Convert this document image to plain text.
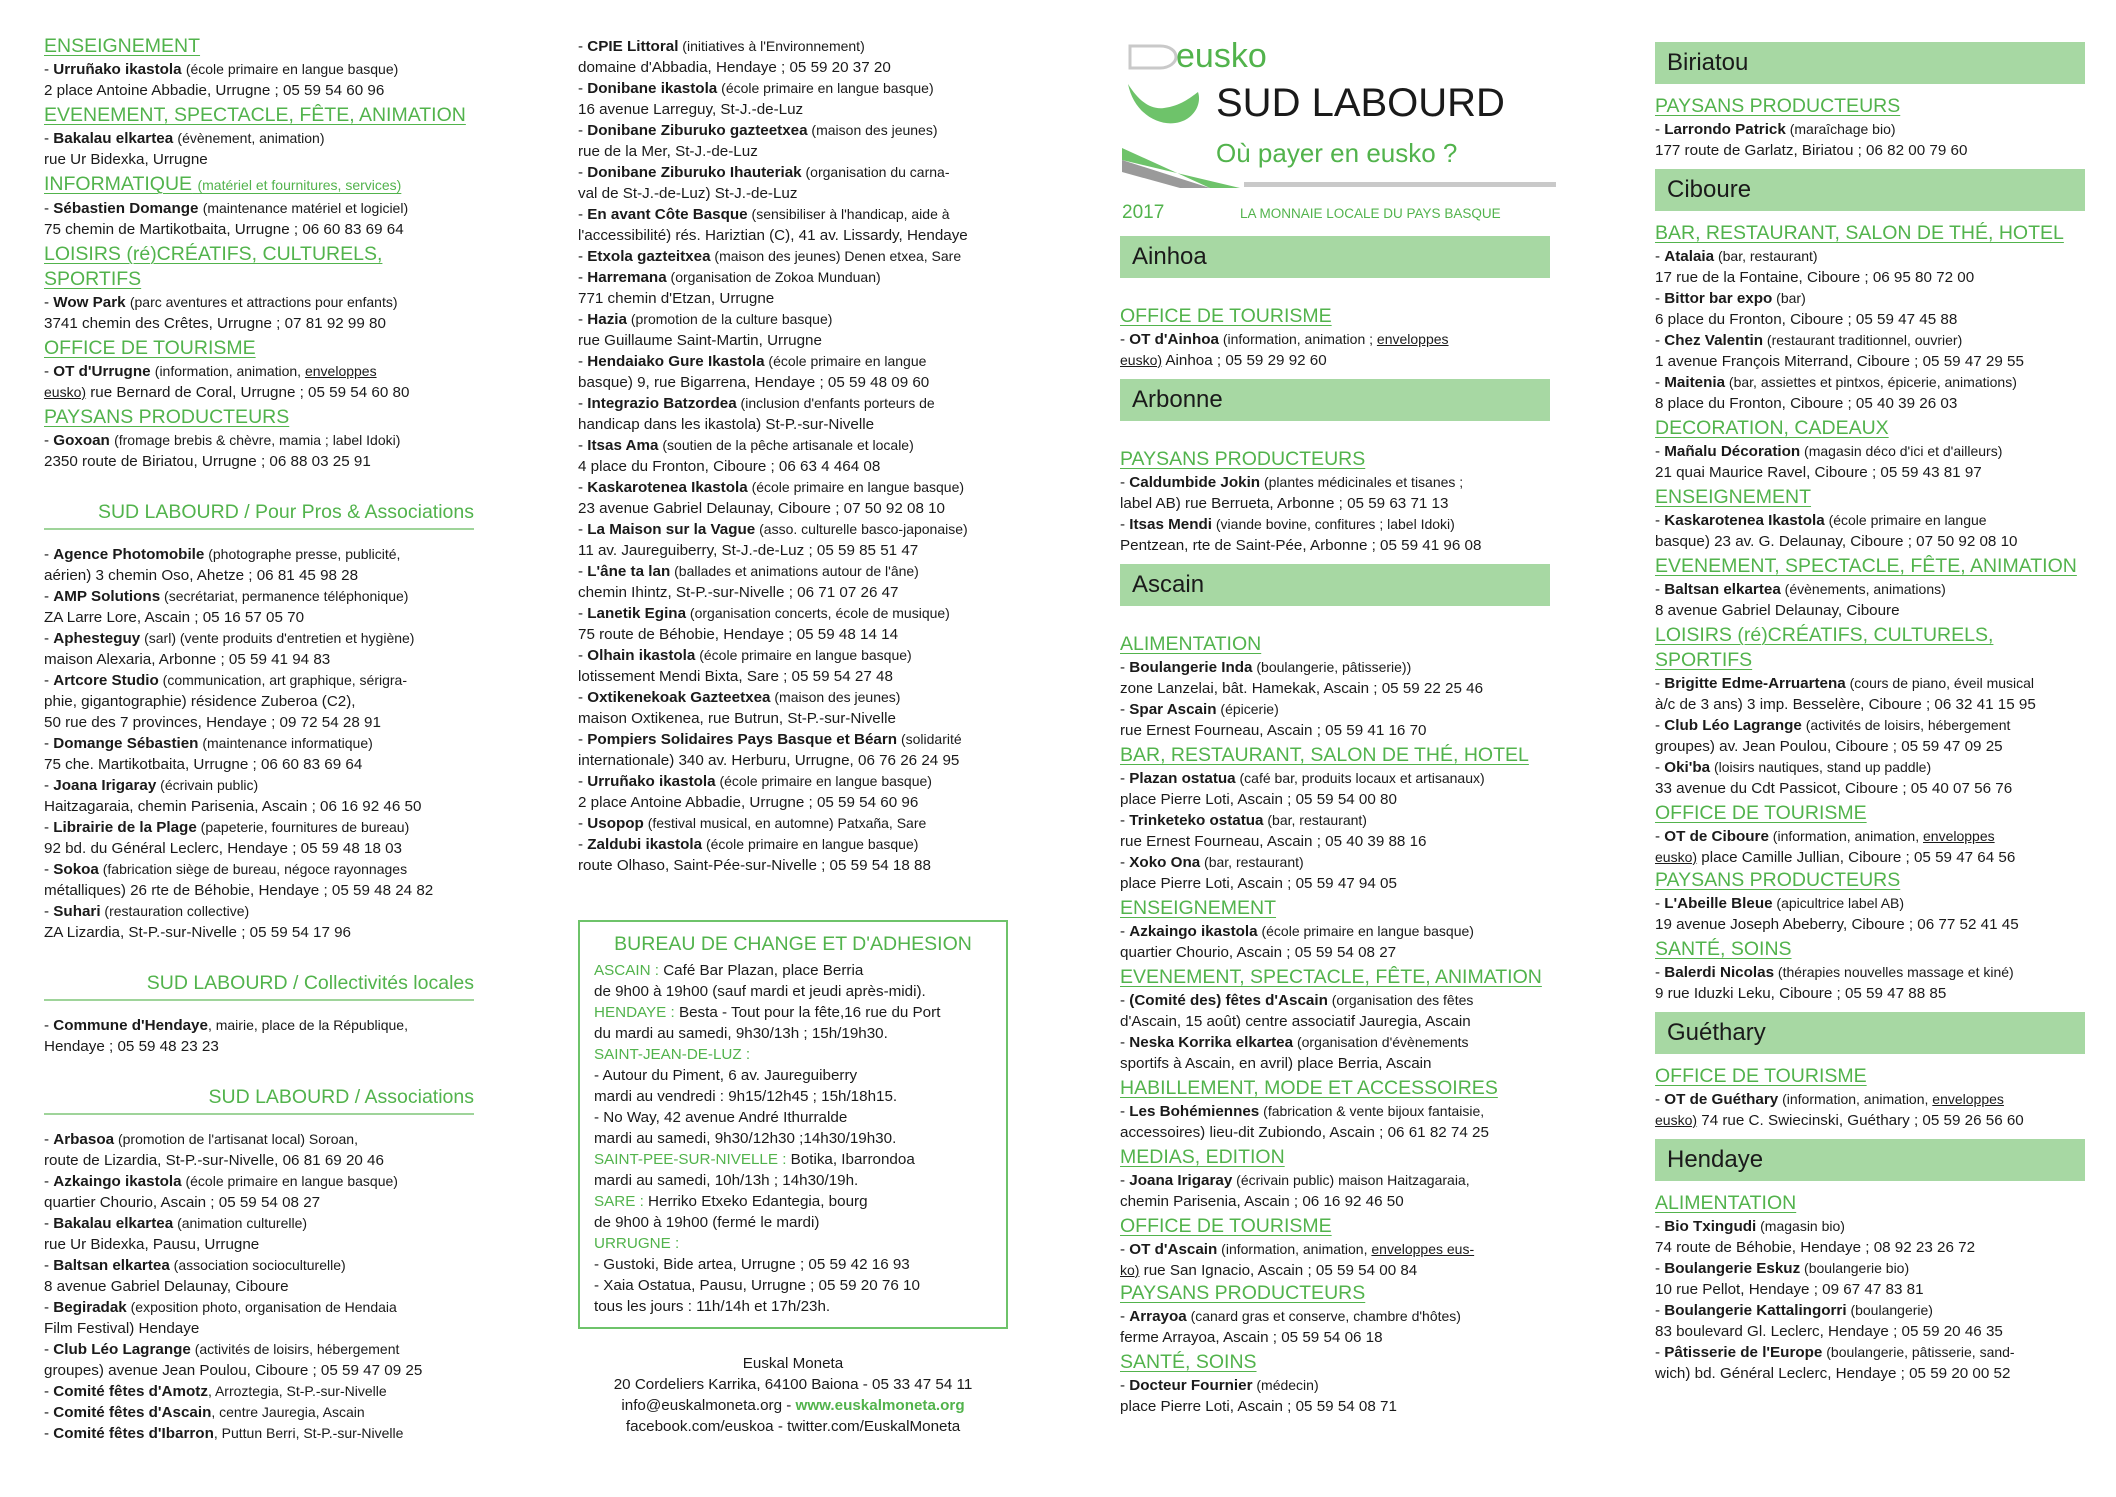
ENSEIGNEMENT
- Urruñako ikastola (école primaire en langue basque)
2 place Antoine Abbadie, Urrugne ; 05 59 54 60 96
EVENEMENT, SPECTACLE, FÊTE, ANIMATION
- Bakalau elkartea (évènement, animation)
rue Ur Bidexka, Urrugne
INFORMATIQUE (matériel et fournitures, services)
- Sébastien Domange (maintenance matériel et logiciel)
75 chemin de Martikotbaita, Urrugne ; 06 60 83 69 64
LOISIRS (ré)CRÉATIFS, CULTURELS, SPORTIFS
- Wow Park (parc aventures et attractions pour enfants)
3741 chemin des Crêtes, Urrugne ; 07 81 92 99 80
OFFICE DE TOURISME
- OT d'Urrugne (information, animation, enveloppes
eusko) rue Bernard de Coral, Urrugne ; 05 59 54 60 80
PAYSANS PRODUCTEURS
- Goxoan (fromage brebis & chèvre, mamia ; label Idoki)
2350 route de Biriatou, Urrugne ; 06 88 03 25 91
SUD LABOURD / Pour Pros & Associations
- Agence Photomobile (photographe presse, publicité,
aérien) 3 chemin Oso, Ahetze ; 06 81 45 98 28
- AMP Solutions (secrétariat, permanence téléphonique)
ZA Larre Lore, Ascain ; 05 16 57 05 70
- Aphesteguy (sarl) (vente produits d'entretien et hygiène)
maison Alexaria, Arbonne ; 05 59 41 94 83
- Artcore Studio (communication, art graphique, sérigra-
phie, gigantographie) résidence Zuberoa (C2),
50 rue des 7 provinces, Hendaye ; 09 72 54 28 91
- Domange Sébastien (maintenance informatique)
75 che. Martikotbaita, Urrugne ; 06 60 83 69 64
- Joana Irigaray (écrivain public)
Haitzagaraia, chemin Parisenia, Ascain ; 06 16 92 46 50
- Librairie de la Plage (papeterie, fournitures de bureau)
92 bd. du Général Leclerc, Hendaye ; 05 59 48 18 03
- Sokoa (fabrication siège de bureau, négoce rayonnages
métalliques) 26 rte de Béhobie, Hendaye ; 05 59 48 24 82
- Suhari (restauration collective)
ZA Lizardia, St-P.-sur-Nivelle ; 05 59 54 17 96
SUD LABOURD / Collectivités locales
- Commune d'Hendaye, mairie, place de la République,
Hendaye ; 05 59 48 23 23
SUD LABOURD / Associations
- Arbasoa (promotion de l'artisanat local) Soroan,
route de Lizardia, St-P.-sur-Nivelle, 06 81 69 20 46
- Azkaingo ikastola (école primaire en langue basque)
quartier Chourio, Ascain ; 05 59 54 08 27
- Bakalau elkartea (animation culturelle)
rue Ur Bidexka, Pausu, Urrugne
- Baltsan elkartea (association socioculturelle)
8 avenue Gabriel Delaunay, Ciboure
- Begiradak (exposition photo, organisation de Hendaia
Film Festival) Hendaye
- Club Léo Lagrange (activités de loisirs, hébergement
groupes) avenue Jean Poulou, Ciboure ; 05 59 47 09 25
- Comité fêtes d'Amotz, Arroztegia, St-P.-sur-Nivelle
- Comité fêtes d'Ascain, centre Jauregia, Ascain
- Comité fêtes d'Ibarron, Puttun Berri, St-P.-sur-Nivelle
- CPIE Littoral (initiatives à l'Environnement)
domaine d'Abbadia, Hendaye ; 05 59 20 37 20
- Donibane ikastola (école primaire en langue basque)
16 avenue Larreguy, St-J.-de-Luz
- Donibane Ziburuko gazteetxea (maison des jeunes)
rue de la Mer, St-J.-de-Luz
- Donibane Ziburuko Ihauteriak (organisation du carna-
val de St-J.-de-Luz) St-J.-de-Luz
- En avant Côte Basque (sensibiliser à l'handicap, aide à
l'accessibilité) rés. Hariztian (C), 41 av. Lissardy, Hendaye
- Etxola gazteitxea (maison des jeunes) Denen etxea, Sare
- Harremana (organisation de Zokoa Munduan)
771 chemin d'Etzan, Urrugne
- Hazia (promotion de la culture basque)
rue Guillaume Saint-Martin, Urrugne
- Hendaiako Gure Ikastola (école primaire en langue
basque) 9, rue Bigarrena, Hendaye ; 05 59 48 09 60
- Integrazio Batzordea (inclusion d'enfants porteurs de
handicap dans les ikastola) St-P.-sur-Nivelle
- Itsas Ama (soutien de la pêche artisanale et locale)
4 place du Fronton, Ciboure ; 06 63 4 464 08
- Kaskarotenea Ikastola (école primaire en langue basque)
23 avenue Gabriel Delaunay, Ciboure ; 07 50 92 08 10
- La Maison sur la Vague (asso. culturelle basco-japonaise)
11 av. Jaureguiberry, St-J.-de-Luz ; 05 59 85 51 47
- L'âne ta lan (ballades et animations autour de l'âne)
chemin Ihintz, St-P.-sur-Nivelle ; 06 71 07 26 47
- Lanetik Egina (organisation concerts, école de musique)
75 route de Béhobie, Hendaye ; 05 59 48 14 14
- Olhain ikastola (école primaire en langue basque)
lotissement Mendi Bixta, Sare ; 05 59 54 27 48
- Oxtikenekoak Gazteetxea (maison des jeunes)
maison Oxtikenea, rue Butrun, St-P.-sur-Nivelle
- Pompiers Solidaires Pays Basque et Béarn (solidarité
internationale) 340 av. Herburu, Urrugne, 06 76 26 24 95
- Urruñako ikastola (école primaire en langue basque)
2 place Antoine Abbadie, Urrugne ; 05 59 54 60 96
- Usopop (festival musical, en automne) Patxaña, Sare
- Zaldubi ikastola (école primaire en langue basque)
route Olhaso, Saint-Pée-sur-Nivelle ; 05 59 54 18 88
BUREAU DE CHANGE ET D'ADHESION
ASCAIN : Café Bar Plazan, place Berria
de 9h00 à 19h00 (sauf mardi et jeudi après-midi).
HENDAYE : Besta - Tout pour la fête,16 rue du Port
du mardi au samedi, 9h30/13h ; 15h/19h30.
SAINT-JEAN-DE-LUZ :
- Autour du Piment, 6 av. Jaureguiberry
mardi au vendredi : 9h15/12h45 ; 15h/18h15.
- No Way, 42 avenue André Ithurralde
mardi au samedi, 9h30/12h30 ;14h30/19h30.
SAINT-PEE-SUR-NIVELLE : Botika, Ibarrondoa
mardi au samedi, 10h/13h ; 14h30/19h.
SARE : Herriko Etxeko Edantegia, bourg
de 9h00 à 19h00 (fermé le mardi)
URRUGNE :
- Gustoki, Bide artea, Urrugne ; 05 59 42 16 93
- Xaia Ostatua, Pausu, Urrugne ; 05 59 20 76 10
tous les jours : 11h/14h et 17h/23h.
Euskal Moneta
20 Cordeliers Karrika, 64100 Baiona - 05 33 47 54 11
info@euskalmoneta.org - www.euskalmoneta.org
facebook.com/euskoa - twitter.com/EuskalMoneta
eusko
SUD LABOURD
Où payer en eusko ?
2017	LA MONNAIE LOCALE DU PAYS BASQUE
Ainhoa
OFFICE DE TOURISME
- OT d'Ainhoa (information, animation ; enveloppes
eusko) Ainhoa ; 05 59 29 92 60
Arbonne
PAYSANS PRODUCTEURS
- Caldumbide Jokin (plantes médicinales et tisanes ;
label AB) rue Berrueta, Arbonne ; 05 59 63 71 13
- Itsas Mendi (viande bovine, confitures ; label Idoki)
Pentzean, rte de Saint-Pée, Arbonne ; 05 59 41 96 08
Ascain
ALIMENTATION
- Boulangerie Inda (boulangerie, pâtisserie))
zone Lanzelai, bât. Hamekak, Ascain ; 05 59 22 25 46
- Spar Ascain (épicerie)
rue Ernest Fourneau, Ascain ; 05 59 41 16 70
BAR, RESTAURANT, SALON DE THÉ, HOTEL
- Plazan ostatua (café bar, produits locaux et artisanaux)
place Pierre Loti, Ascain ; 05 59 54 00 80
- Trinketeko ostatua (bar, restaurant)
rue Ernest Fourneau, Ascain ; 05 40 39 88 16
- Xoko Ona (bar, restaurant)
place Pierre Loti, Ascain ; 05 59 47 94 05
ENSEIGNEMENT
- Azkaingo ikastola (école primaire en langue basque)
quartier Chourio, Ascain ; 05 59 54 08 27
EVENEMENT, SPECTACLE, FÊTE, ANIMATION
- (Comité des) fêtes d'Ascain (organisation des fêtes
d'Ascain, 15 août) centre associatif Jauregia, Ascain
- Neska Korrika elkartea (organisation d'évènements
sportifs à Ascain, en avril) place Berria, Ascain
HABILLEMENT, MODE ET ACCESSOIRES
- Les Bohémiennes (fabrication & vente bijoux fantaisie,
accessoires) lieu-dit Zubiondo, Ascain ; 06 61 82 74 25
MEDIAS, EDITION
- Joana Irigaray (écrivain public) maison Haitzagaraia,
chemin Parisenia, Ascain ; 06 16 92 46 50
OFFICE DE TOURISME
- OT d'Ascain (information, animation, enveloppes eus-
ko) rue San Ignacio, Ascain ; 05 59 54 00 84
PAYSANS PRODUCTEURS
- Arrayoa (canard gras et conserve, chambre d'hôtes)
ferme Arrayoa, Ascain ; 05 59 54 06 18
SANTÉ, SOINS
- Docteur Fournier (médecin)
place Pierre Loti, Ascain ; 05 59 54 08 71
Biriatou
PAYSANS PRODUCTEURS
- Larrondo Patrick (maraîchage bio)
177 route de Garlatz, Biriatou ; 06 82 00 79 60
Ciboure
BAR, RESTAURANT, SALON DE THÉ, HOTEL
- Atalaia (bar, restaurant)
17 rue de la Fontaine, Ciboure ; 06 95 80 72 00
- Bittor bar expo (bar)
6 place du Fronton, Ciboure ; 05 59 47 45 88
- Chez Valentin (restaurant traditionnel, ouvrier)
1 avenue François Miterrand, Ciboure ; 05 59 47 29 55
- Maitenia (bar, assiettes et pintxos, épicerie, animations)
8 place du Fronton, Ciboure ; 05 40 39 26 03
DECORATION, CADEAUX
- Mañalu Décoration (magasin déco d'ici et d'ailleurs)
21 quai Maurice Ravel, Ciboure ; 05 59 43 81 97
ENSEIGNEMENT
- Kaskarotenea Ikastola (école primaire en langue
basque) 23 av. G. Delaunay, Ciboure ; 07 50 92 08 10
EVENEMENT, SPECTACLE, FÊTE, ANIMATION
- Baltsan elkartea (évènements, animations)
8 avenue Gabriel Delaunay, Ciboure
LOISIRS (ré)CRÉATIFS, CULTURELS, SPORTIFS
- Brigitte Edme-Arruartena (cours de piano, éveil musical
à/c de 3 ans) 3 imp. Besselère, Ciboure ; 06 32 41 15 95
- Club Léo Lagrange (activités de loisirs, hébergement
groupes) av. Jean Poulou, Ciboure ; 05 59 47 09 25
- Oki'ba (loisirs nautiques, stand up paddle)
33 avenue du Cdt Passicot, Ciboure ; 05 40 07 56 76
OFFICE DE TOURISME
- OT de Ciboure (information, animation, enveloppes
eusko) place Camille Jullian, Ciboure ; 05 59 47 64 56
PAYSANS PRODUCTEURS
- L'Abeille Bleue (apicultrice label AB)
19 avenue Joseph Abeberry, Ciboure ; 06 77 52 41 45
SANTÉ, SOINS
- Balerdi Nicolas (thérapies nouvelles massage et kiné)
9 rue Iduzki Leku, Ciboure ; 05 59 47 88 85
Guéthary
OFFICE DE TOURISME
- OT de Guéthary (information, animation, enveloppes
eusko) 74 rue C. Swiecinski, Guéthary ; 05 59 26 56 60
Hendaye
ALIMENTATION
- Bio Txingudi (magasin bio)
74 route de Béhobie, Hendaye ; 08 92 23 26 72
- Boulangerie Eskuz (boulangerie bio)
10 rue Pellot, Hendaye ; 09 67 47 83 81
- Boulangerie Kattalingorri (boulangerie)
83 boulevard Gl. Leclerc, Hendaye ; 05 59 20 46 35
- Pâtisserie de l'Europe (boulangerie, pâtisserie, sand-
wich) bd. Général Leclerc, Hendaye ; 05 59 20 00 52
